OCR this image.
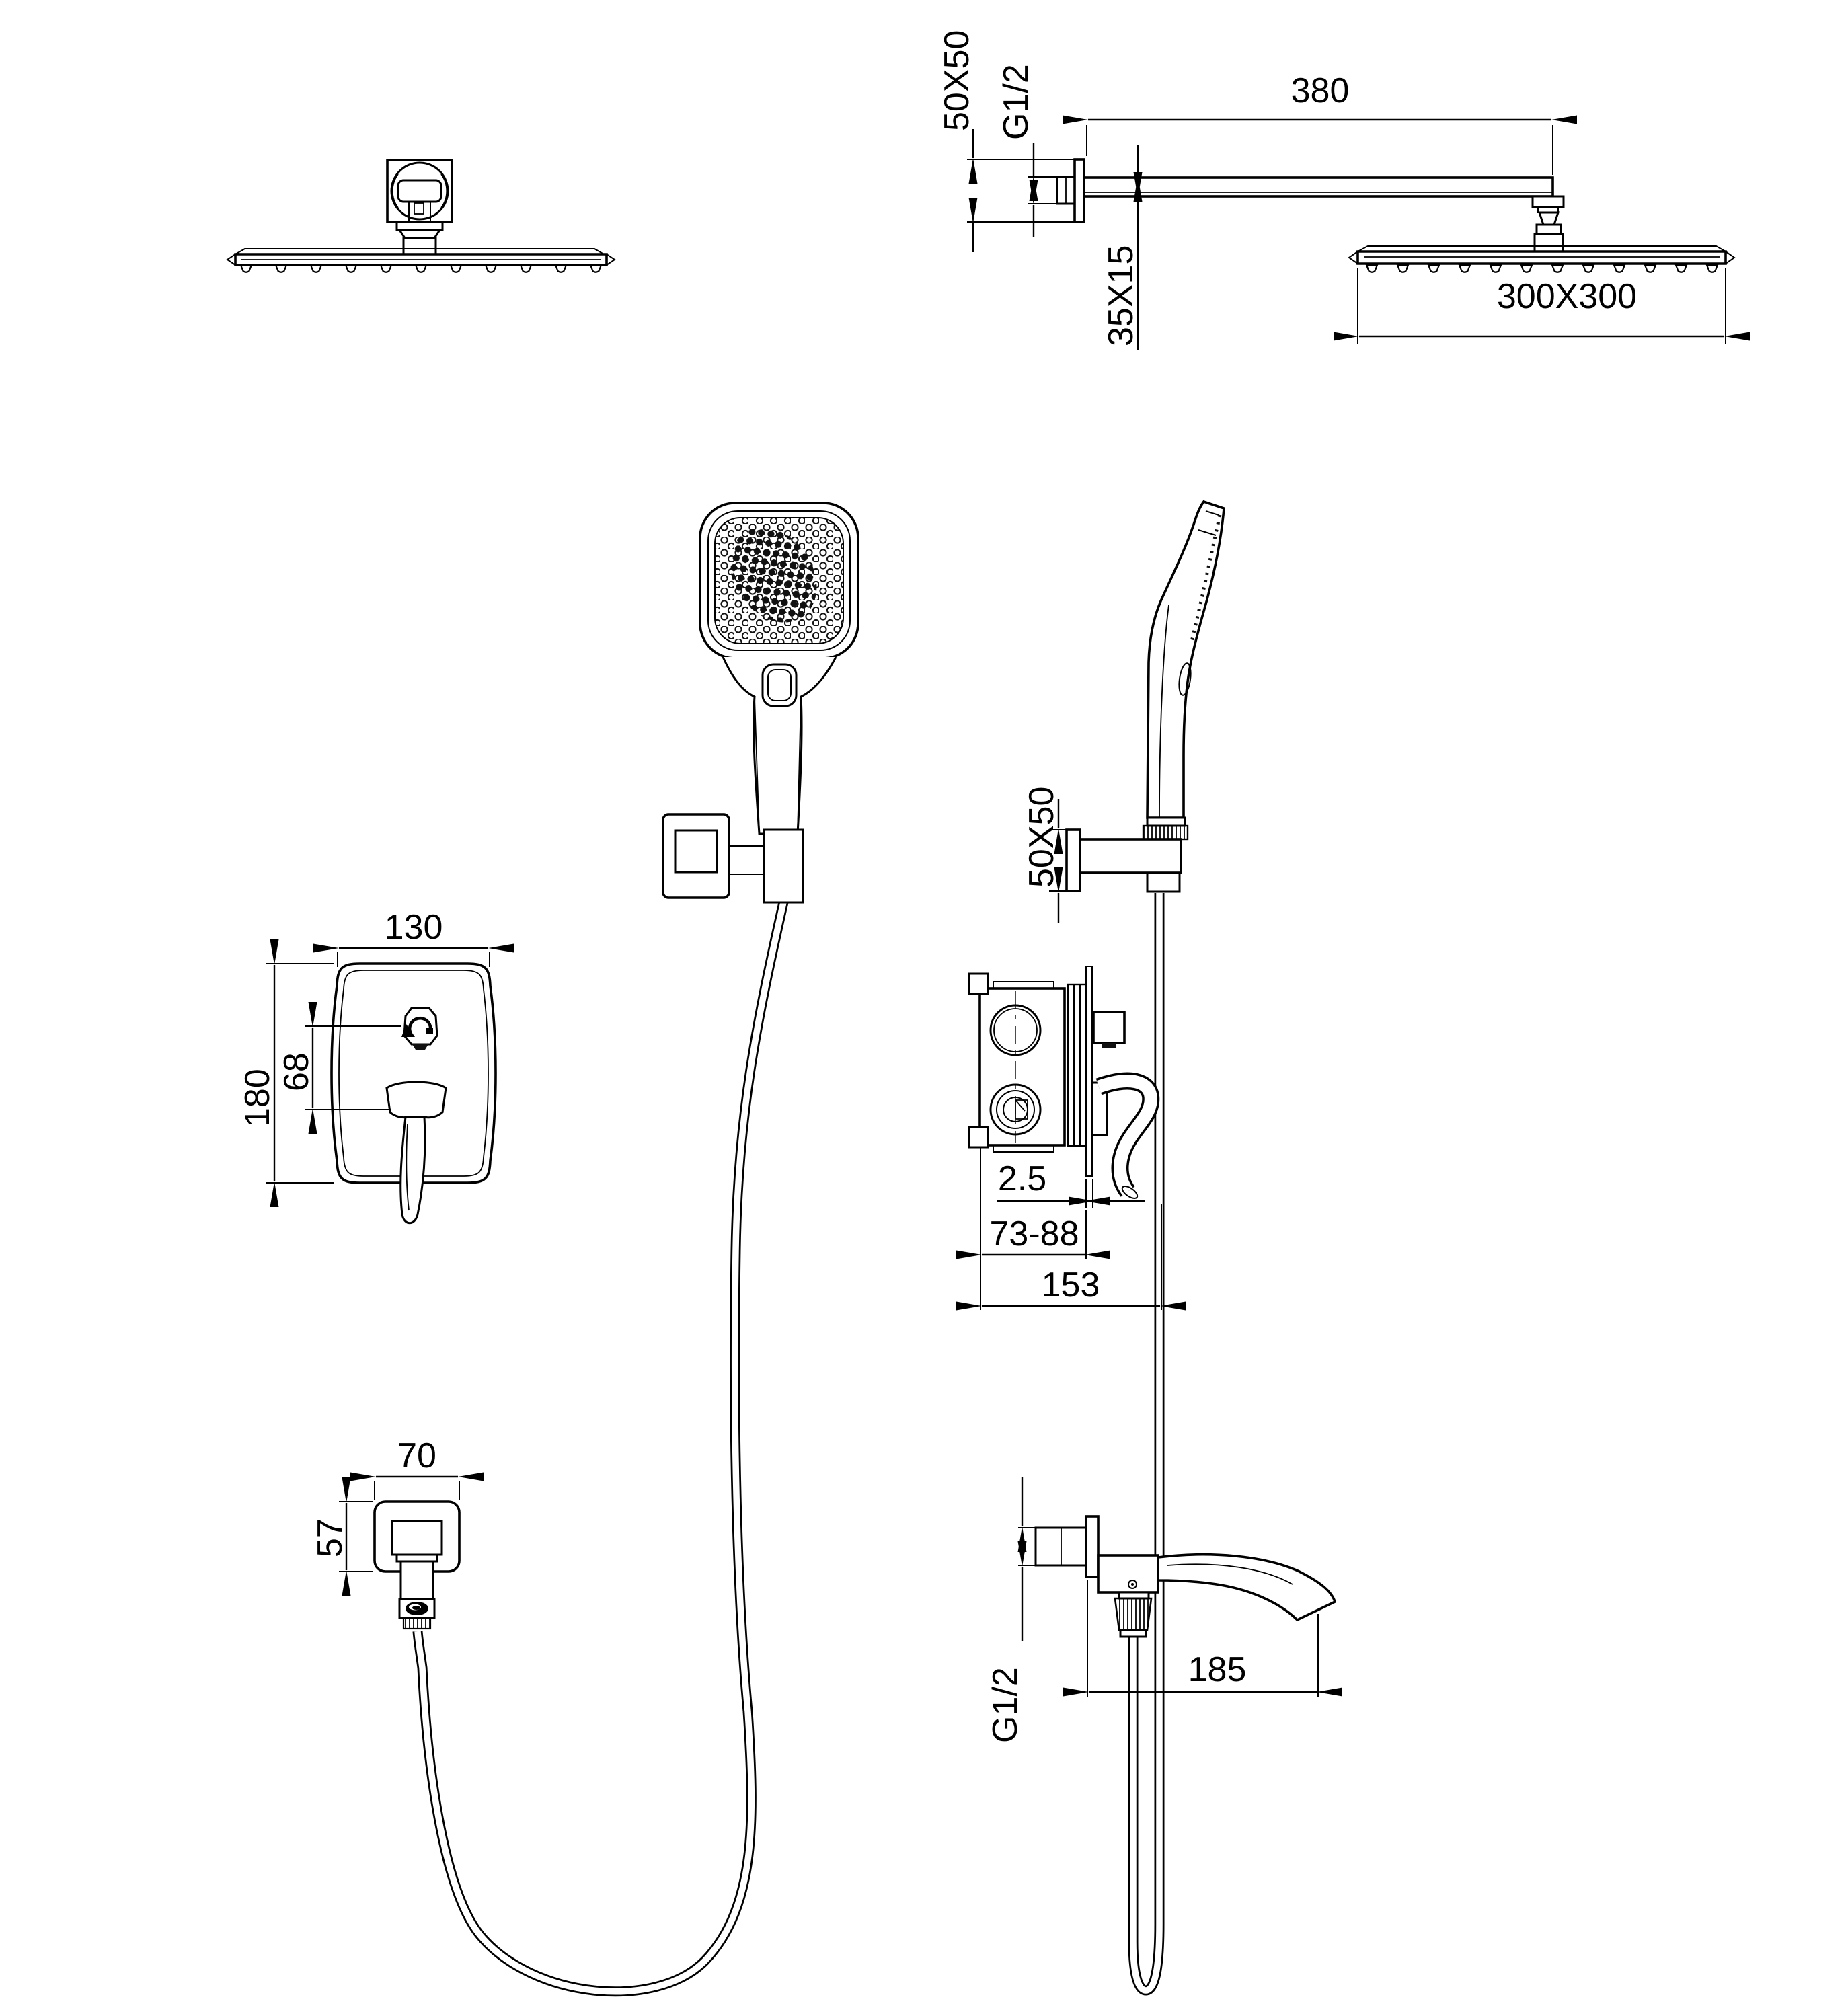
50X50 G1/2	380
35X15	300X300
130
180 68
70
57
50X50
2.5
73-88
153
G1/2	185
